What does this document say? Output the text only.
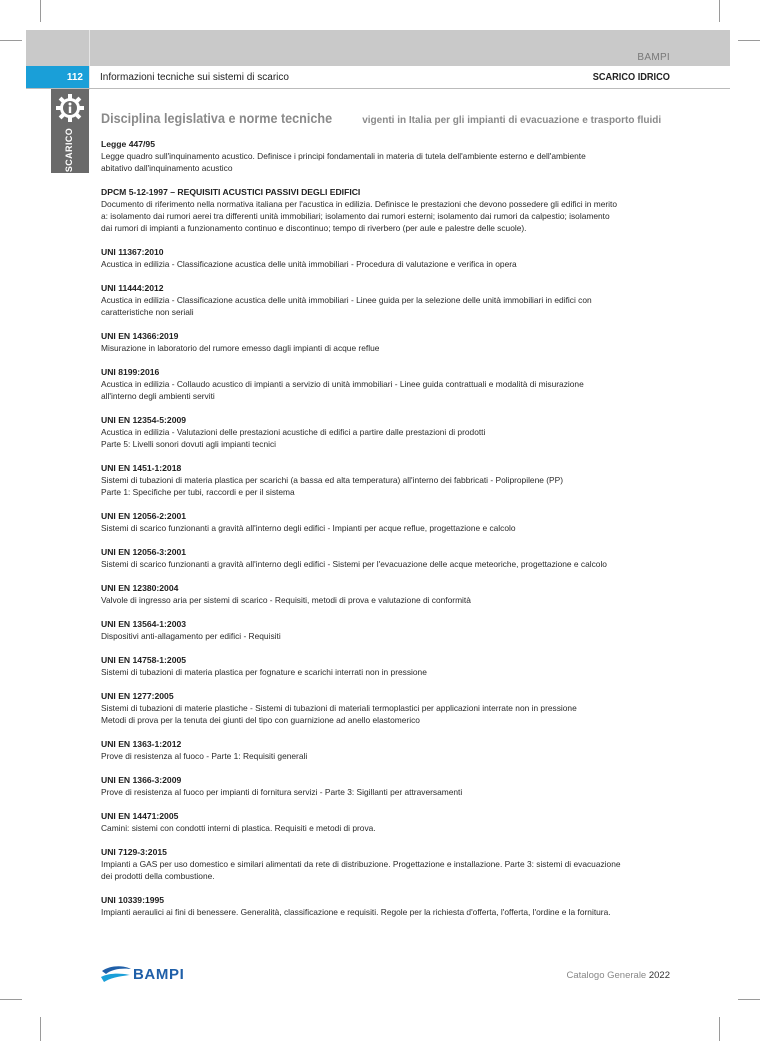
BAMPI
112	Informazioni tecniche sui sistemi di scarico	SCARICO IDRICO
SCARICO
Disciplina legislativa e norme tecniche	vigenti in Italia per gli impianti di evacuazione e trasporto fluidi
Legge 447/95
Legge quadro sull'inquinamento acustico. Definisce i principi fondamentali in materia di tutela dell'ambiente esterno e dell'ambiente
abitativo dall'inquinamento acustico
DPCM 5-12-1997 – REQUISITI ACUSTICI PASSIVI DEGLI EDIFICI
Documento di riferimento nella normativa italiana per l'acustica in edilizia. Definisce le prestazioni che devono possedere gli edifici in merito
a: isolamento dai rumori aerei tra differenti unità immobiliari; isolamento dai rumori esterni; isolamento dai rumori da calpestio; isolamento
dai rumori di impianti a funzionamento continuo e discontinuo; tempo di riverbero (per aule e palestre delle scuole).
UNI 11367:2010
Acustica in edilizia - Classificazione acustica delle unità immobiliari - Procedura di valutazione e verifica in opera
UNI 11444:2012
Acustica in edilizia - Classificazione acustica delle unità immobiliari - Linee guida per la selezione delle unità immobiliari in edifici con
caratteristiche non seriali
UNI EN 14366:2019
Misurazione in laboratorio del rumore emesso dagli impianti di acque reflue
UNI 8199:2016
Acustica in edilizia - Collaudo acustico di impianti a servizio di unità immobiliari - Linee guida contrattuali e modalità di misurazione
all'interno degli ambienti serviti
UNI EN 12354-5:2009
Acustica in edilizia - Valutazioni delle prestazioni acustiche di edifici a partire dalle prestazioni di prodotti
Parte 5: Livelli sonori dovuti agli impianti tecnici
UNI EN 1451-1:2018
Sistemi di tubazioni di materia plastica per scarichi (a bassa ed alta temperatura) all'interno dei fabbricati - Polipropilene (PP)
Parte 1: Specifiche per tubi, raccordi e per il sistema
UNI EN 12056-2:2001
Sistemi di scarico funzionanti a gravità all'interno degli edifici - Impianti per acque reflue, progettazione e calcolo
UNI EN 12056-3:2001
Sistemi di scarico funzionanti a gravità all'interno degli edifici - Sistemi per l'evacuazione delle acque meteoriche, progettazione e calcolo
UNI EN 12380:2004
Valvole di ingresso aria per sistemi di scarico - Requisiti, metodi di prova e valutazione di conformità
UNI EN 13564-1:2003
Dispositivi anti-allagamento per edifici - Requisiti
UNI EN 14758-1:2005
Sistemi di tubazioni di materia plastica per fognature e scarichi interrati non in pressione
UNI EN 1277:2005
Sistemi di tubazioni di materie plastiche - Sistemi di tubazioni di materiali termoplastici per applicazioni interrate non in pressione
Metodi di prova per la tenuta dei giunti del tipo con guarnizione ad anello elastomerico
UNI EN 1363-1:2012
Prove di resistenza al fuoco - Parte 1: Requisiti generali
UNI EN 1366-3:2009
Prove di resistenza al fuoco per impianti di fornitura servizi - Parte 3: Sigillanti per attraversamenti
UNI EN 14471:2005
Camini: sistemi con condotti interni di plastica. Requisiti e metodi di prova.
UNI 7129-3:2015
Impianti a GAS per uso domestico e similari alimentati da rete di distribuzione. Progettazione e installazione. Parte 3: sistemi di evacuazione
dei prodotti della combustione.
UNI 10339:1995
Impianti aeraulici ai fini di benessere. Generalità, classificazione e requisiti. Regole per la richiesta d'offerta, l'offerta, l'ordine e la fornitura.
BAMPI	Catalogo Generale 2022
